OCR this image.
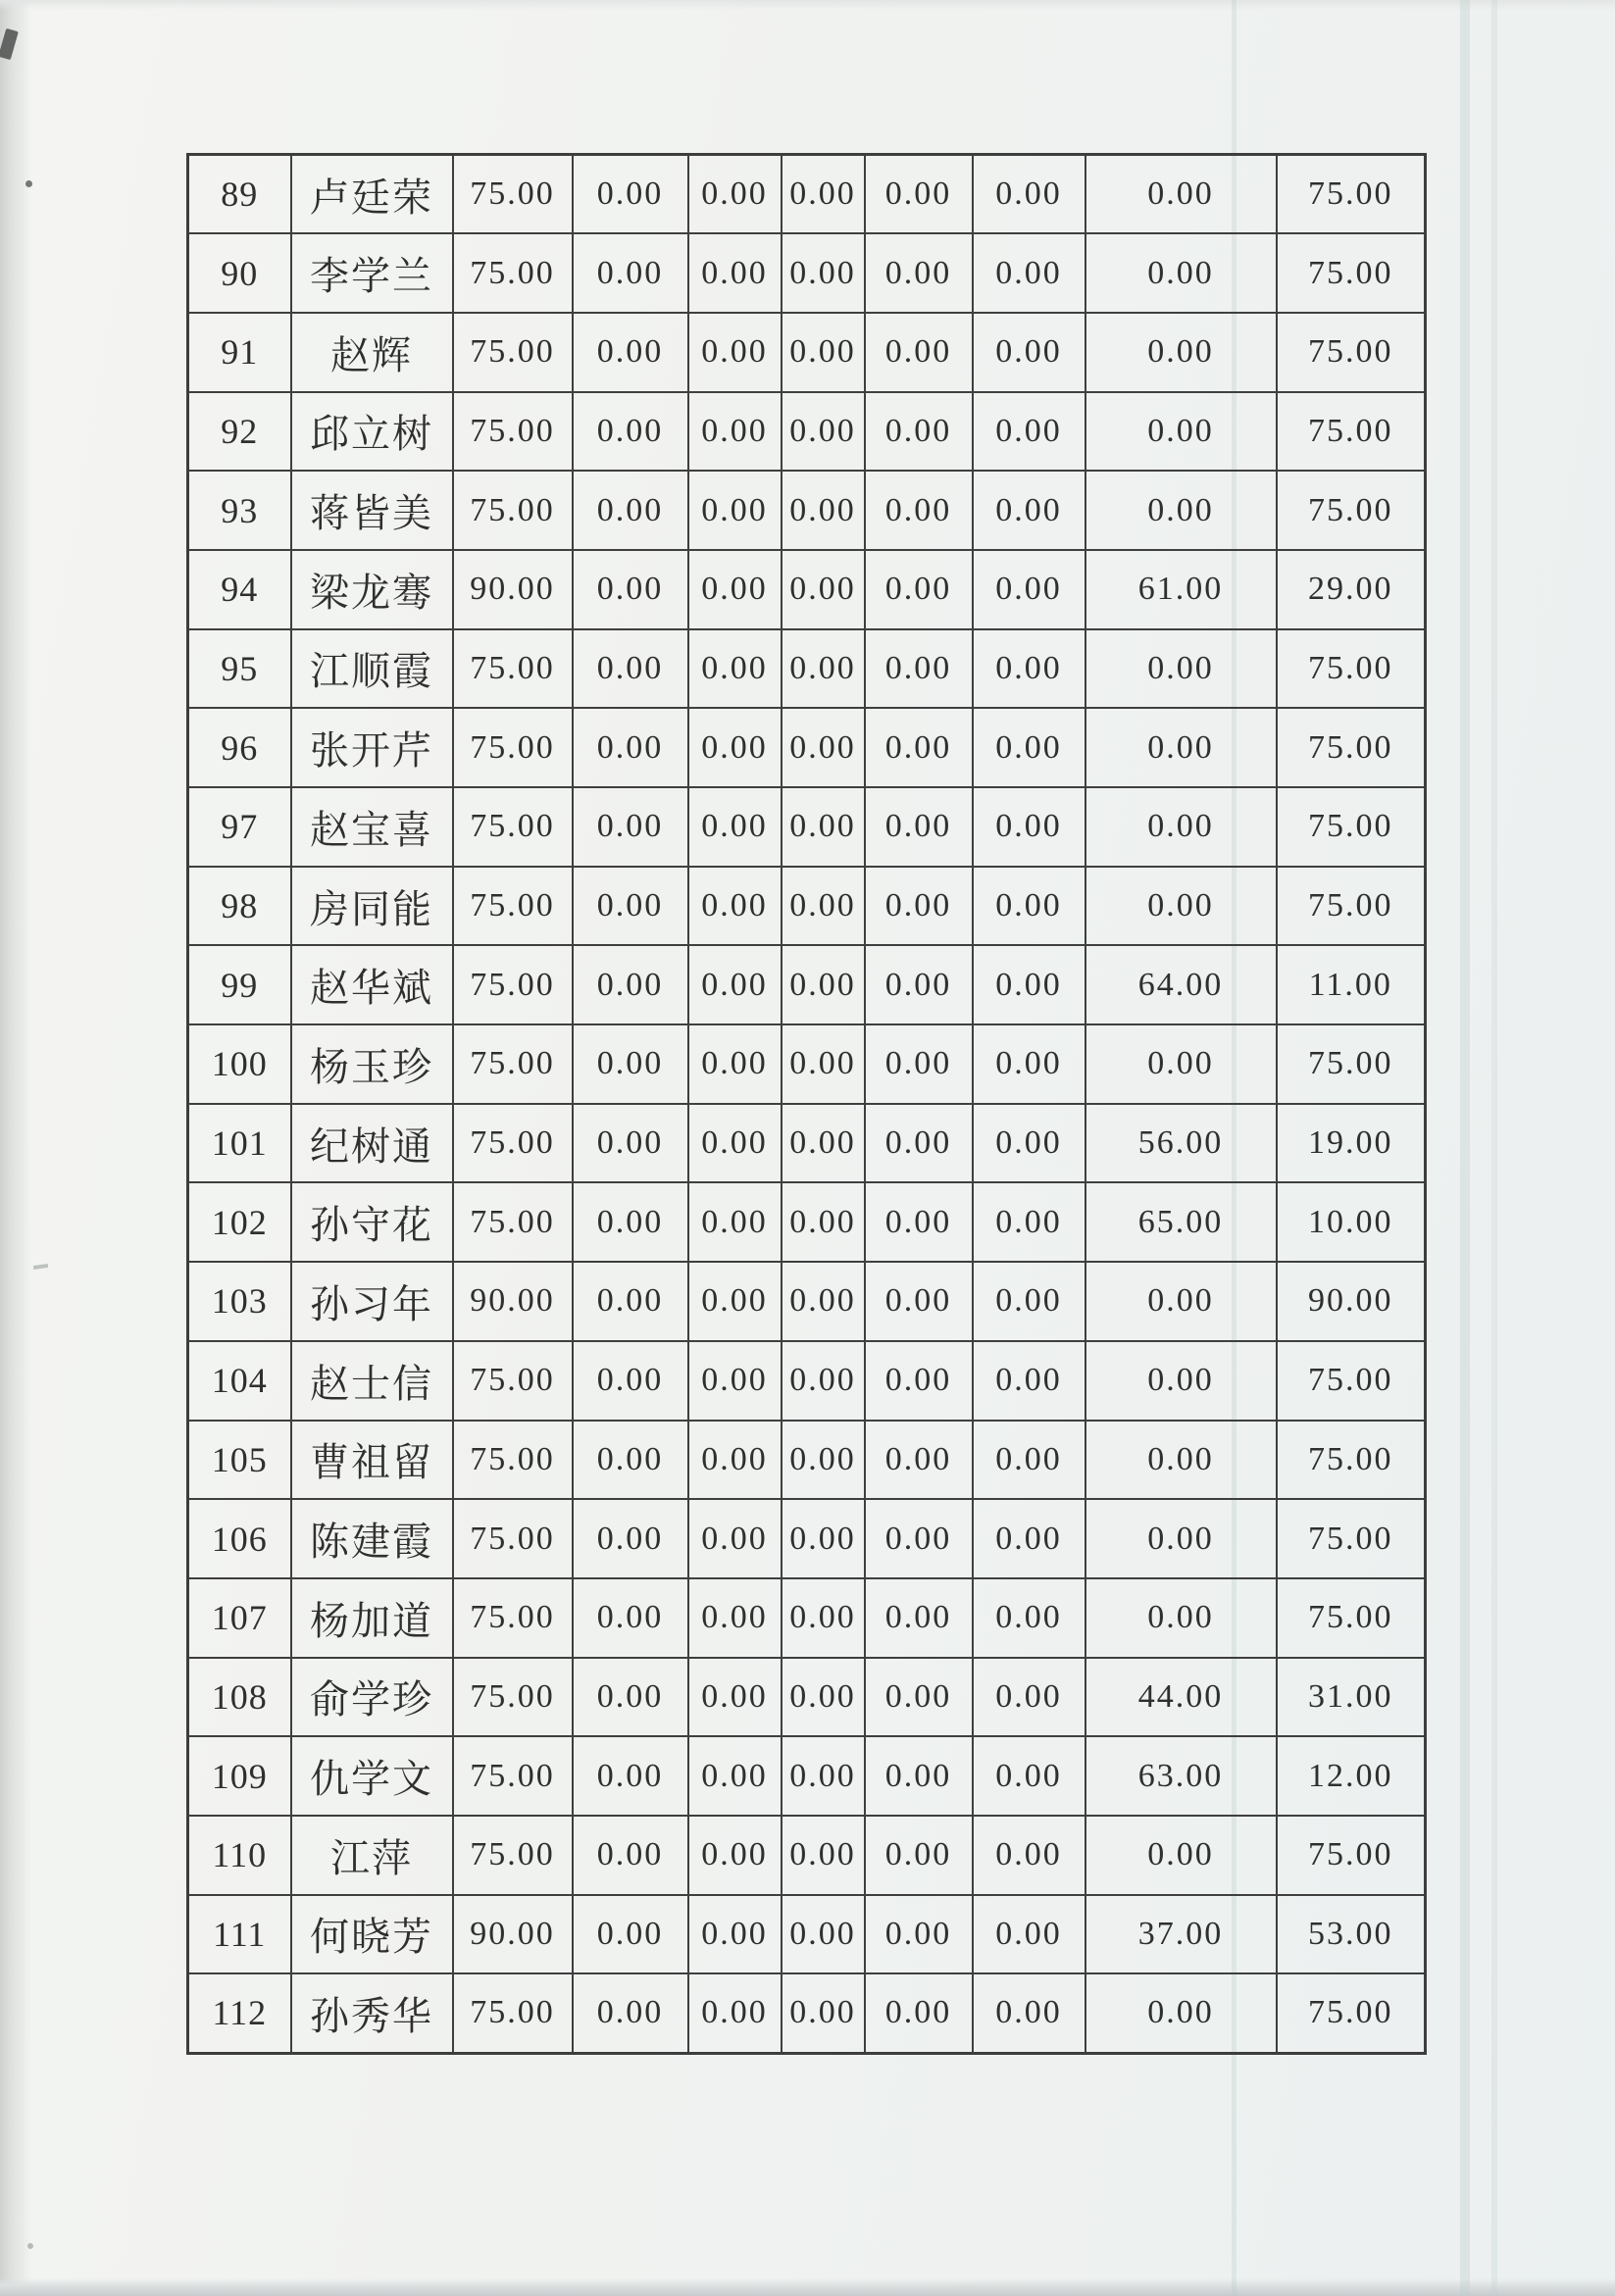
89	卢廷荣	75.00	0.00	0.00	0.00	0.00	0.00	0.00	75.00
90	李学兰	75.00	0.00	0.00	0.00	0.00	0.00	0.00	75.00
91	赵辉	75.00	0.00	0.00	0.00	0.00	0.00	0.00	75.00
92	邱立树	75.00	0.00	0.00	0.00	0.00	0.00	0.00	75.00
93	蒋皆美	75.00	0.00	0.00	0.00	0.00	0.00	0.00	75.00
94	梁龙骞	90.00	0.00	0.00	0.00	0.00	0.00	61.00	29.00
95	江顺霞	75.00	0.00	0.00	0.00	0.00	0.00	0.00	75.00
96	张开芹	75.00	0.00	0.00	0.00	0.00	0.00	0.00	75.00
97	赵宝喜	75.00	0.00	0.00	0.00	0.00	0.00	0.00	75.00
98	房同能	75.00	0.00	0.00	0.00	0.00	0.00	0.00	75.00
99	赵华斌	75.00	0.00	0.00	0.00	0.00	0.00	64.00	11.00
100	杨玉珍	75.00	0.00	0.00	0.00	0.00	0.00	0.00	75.00
101	纪树通	75.00	0.00	0.00	0.00	0.00	0.00	56.00	19.00
102	孙守花	75.00	0.00	0.00	0.00	0.00	0.00	65.00	10.00
103	孙习年	90.00	0.00	0.00	0.00	0.00	0.00	0.00	90.00
104	赵士信	75.00	0.00	0.00	0.00	0.00	0.00	0.00	75.00
105	曹祖留	75.00	0.00	0.00	0.00	0.00	0.00	0.00	75.00
106	陈建霞	75.00	0.00	0.00	0.00	0.00	0.00	0.00	75.00
107	杨加道	75.00	0.00	0.00	0.00	0.00	0.00	0.00	75.00
108	俞学珍	75.00	0.00	0.00	0.00	0.00	0.00	44.00	31.00
109	仇学文	75.00	0.00	0.00	0.00	0.00	0.00	63.00	12.00
110	江萍	75.00	0.00	0.00	0.00	0.00	0.00	0.00	75.00
111	何晓芳	90.00	0.00	0.00	0.00	0.00	0.00	37.00	53.00
112	孙秀华	75.00	0.00	0.00	0.00	0.00	0.00	0.00	75.00
